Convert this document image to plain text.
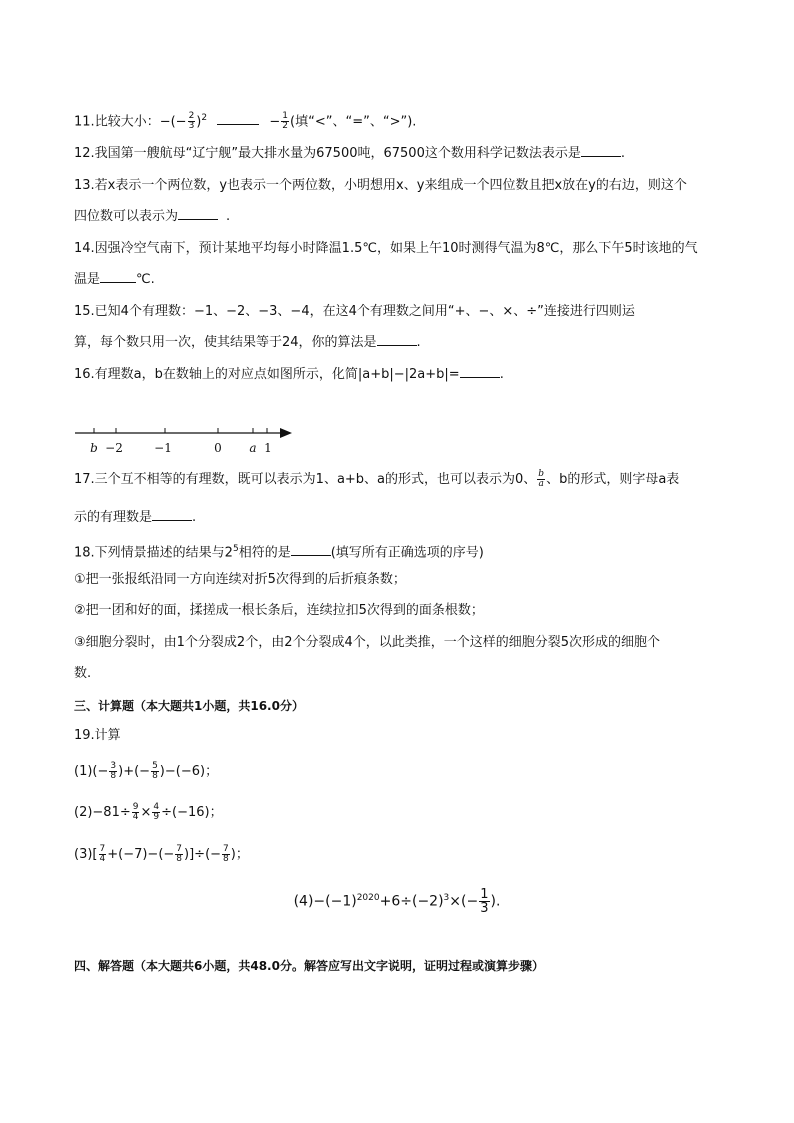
11.比较大小：−(− $\frac{2}{3} )^2$	− $\frac{1}{2}$ (填“<”、“=”、“>”).
12.我国第一艘航母“辽宁舰”最大排水量为67500吨，67500这个数用科学记数法表示是	.
13.若x表示一个两位数，y也表示一个两位数，小明想用x、y来组成一个四位数且把x放在y的右边，则这个
四位数可以表示为	.
14.因强冷空气南下，预计某地平均每小时降温1.5℃，如果上午10时测得气温为8℃，那么下午5时该地的气
温是	℃.
15.已知4个有理数：−1、−2、−3、−4，在这4个有理数之间用“+、−、×、÷”连接进行四则运
算，每个数只用一次，使其结果等于24，你的算法是	.
16.有理数a，b在数轴上的对应点如图所示，化简|a+b|−|2a+b|=	.
b −2	−1	0 a 1
17.三个互不相等的有理数，既可以表示为1、a+b、a的形式，也可以表示为0、 $\frac{b}{a}$ 、b的形式，则字母a表
示的有理数是	.
18.下列情景描述的结果与$2^5$相符的是	(填写所有正确选项的序号)
①把一张报纸沿同一方向连续对折5次得到的后折痕条数；
②把一团和好的面，揉搓成一根长条后，连续拉扣5次得到的面条根数；
③细胞分裂时，由1个分裂成2个，由2个分裂成4个，以此类推，一个这样的细胞分裂5次形成的细胞个
数.
三、计算题（本大题共1小题，共16.0分）
19.计算
$(1)(- \frac{3}{8}$ )+(− $\frac{5}{8} )-(-6)$；
$(2)-81\div \frac{9}{4} \times \frac{4}{9} \div(-16)$；
$(3)[ \frac{7}{4} +(-7)-(- \frac{7}{8}$ )]÷(− $\frac{7}{8}$ )；
$(4)-(-1)^{2020}+6\div(-2)^3\times(- \frac{1}{3}$ ).
四、解答题（本大题共6小题，共48.0分。解答应写出文字说明，证明过程或演算步骤）
